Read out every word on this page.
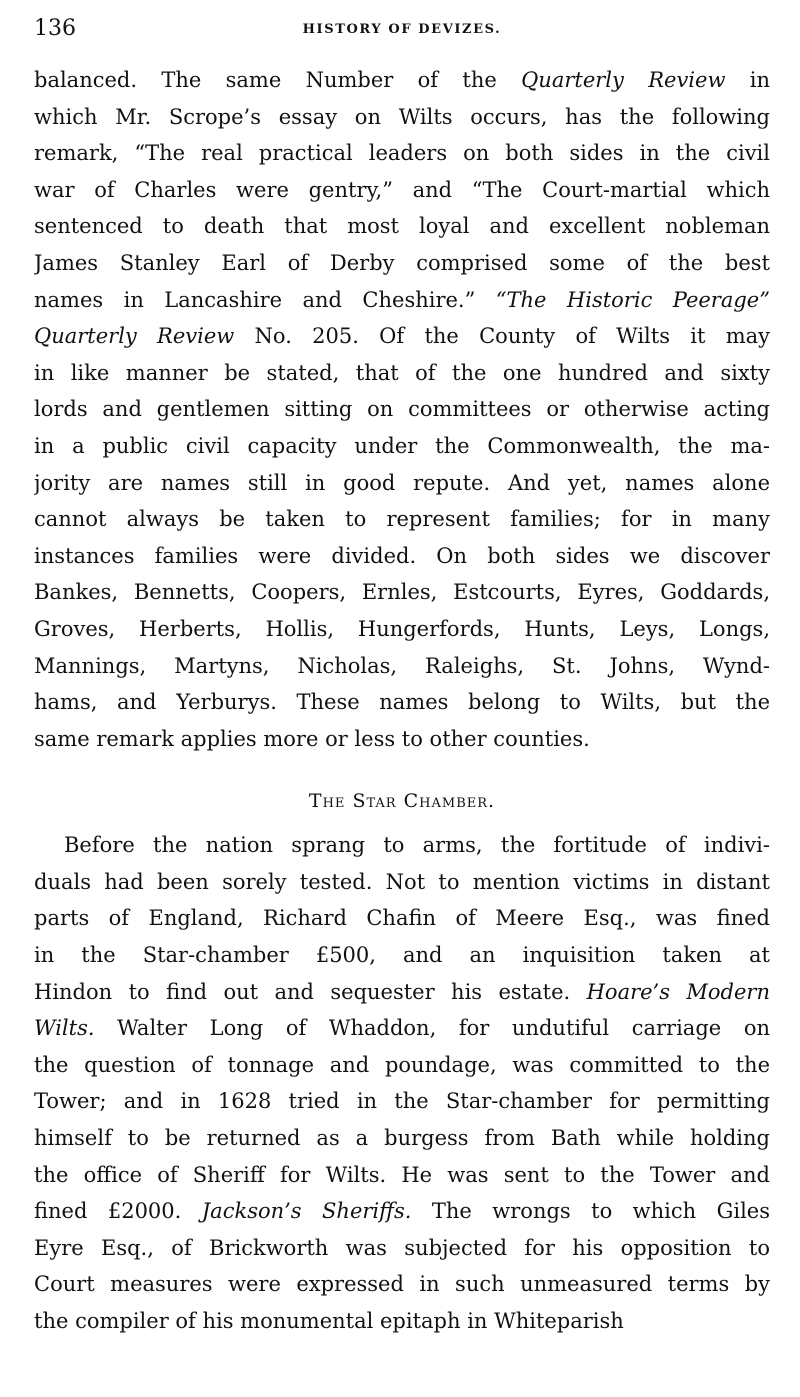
136	HISTORY OF DEVIZES.
balanced. The same Number of the Quarterly Review in
which Mr. Scrope’s essay on Wilts occurs, has the following
remark, “The real practical leaders on both sides in the civil
war of Charles were gentry,” and “The Court-martial which
sentenced to death that most loyal and excellent nobleman
James Stanley Earl of Derby comprised some of the best
names in Lancashire and Cheshire.” “The Historic Peerage”
Quarterly Review No. 205. Of the County of Wilts it may
in like manner be stated, that of the one hundred and sixty
lords and gentlemen sitting on committees or otherwise acting
in a public civil capacity under the Commonwealth, the ma-
jority are names still in good repute. And yet, names alone
cannot always be taken to represent families; for in many
instances families were divided. On both sides we discover
Bankes, Bennetts, Coopers, Ernles, Estcourts, Eyres, Goddards,
Groves, Herberts, Hollis, Hungerfords, Hunts, Leys, Longs,
Mannings, Martyns, Nicholas, Raleighs, St. Johns, Wynd-
hams, and Yerburys. These names belong to Wilts, but the
same remark applies more or less to other counties.
The Star Chamber.
Before the nation sprang to arms, the fortitude of indivi-
duals had been sorely tested. Not to mention victims in distant
parts of England, Richard Chafin of Meere Esq., was fined
in the Star-chamber £500, and an inquisition taken at
Hindon to find out and sequester his estate. Hoare’s Modern
Wilts. Walter Long of Whaddon, for undutiful carriage on
the question of tonnage and poundage, was committed to the
Tower; and in 1628 tried in the Star-chamber for permitting
himself to be returned as a burgess from Bath while holding
the office of Sheriff for Wilts. He was sent to the Tower and
fined £2000. Jackson’s Sheriffs. The wrongs to which Giles
Eyre Esq., of Brickworth was subjected for his opposition to
Court measures were expressed in such unmeasured terms by
the compiler of his monumental epitaph in Whiteparish
